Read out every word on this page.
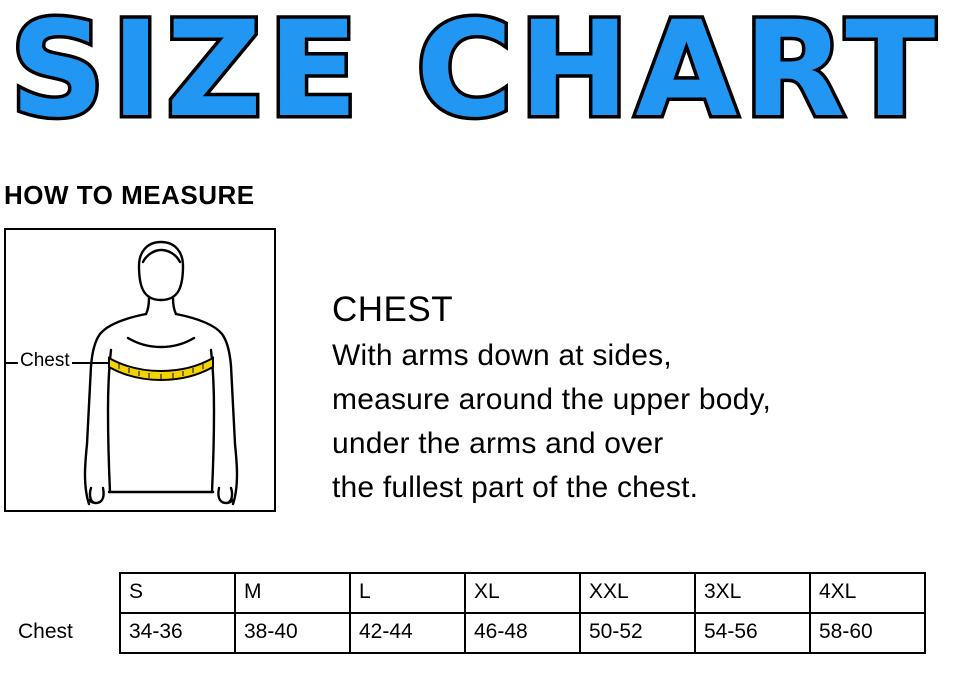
SIZE CHART
HOW TO MEASURE
Chest
CHEST
With arms down at sides,
measure around the upper body,
under the arms and over
the fullest part of the chest.
	S	M	L	XL	XXL	3XL	4XL
Chest	34-36	38-40	42-44	46-48	50-52	54-56	58-60
